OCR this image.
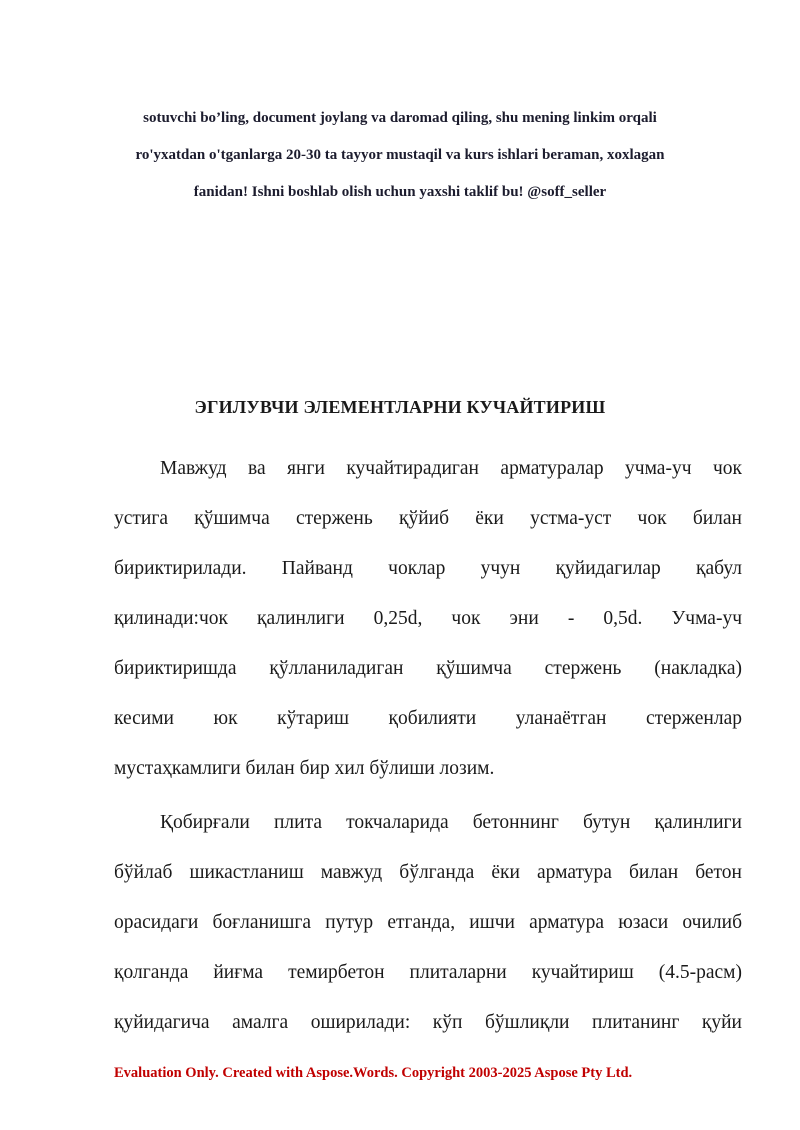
sotuvchi bo’ling, document joylang va daromad qiling, shu mening linkim orqali
ro'yxatdan o'tganlarga 20-30 ta tayyor mustaqil va kurs ishlari beraman, xoxlagan
fanidan! Ishni boshlab olish uchun yaxshi taklif bu! @soff_seller
ЭГИЛУВЧИ ЭЛЕМЕНТЛАРНИ КУЧАЙТИРИШ
Мавжуд ва янги кучайтирадиган арматуралар учма-уч чок
устига қўшимча стержень қўйиб ёки устма-уст чок билан
бириктирилади. Пайванд чоклар учун қуйидагилар қабул
қилинади:чок қалинлиги 0,25d, чок эни - 0,5d. Учма-уч
бириктиришда қўлланиладиган қўшимча стержень (накладка)
кесими юк кўтариш қобилияти уланаётган стерженлар
мустаҳкамлиги билан бир хил бўлиши лозим.
Қобирғали плита токчаларида бетоннинг бутун қалинлиги
бўйлаб шикастланиш мавжуд бўлганда ёки арматура билан бетон
орасидаги боғланишга путур етганда, ишчи арматура юзаси очилиб
қолганда йиғма темирбетон плиталарни кучайтириш (4.5-расм)
қуйидагича амалга оширилади: кўп бўшлиқли плитанинг қуйи
Evaluation Only. Created with Aspose.Words. Copyright 2003-2025 Aspose Pty Ltd.
